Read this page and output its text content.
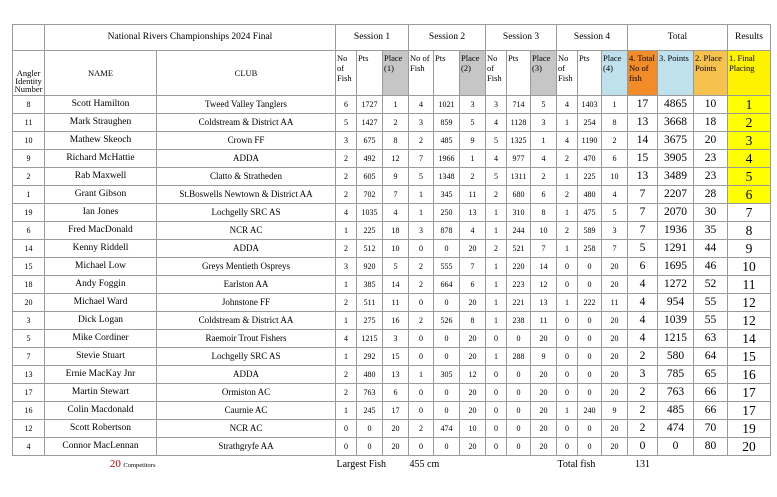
	National Rivers Championships 2024 Final		Session 1			Session 2			Session 3			Session 4			Total			Results
Angler Identity Number	NAME	CLUB	No of Fish	Pts	Place (1)	No of Fish	Pts	Place (2)	No of Fish	Pts	Place (3)	No of Fish	Pts	Place (4)	4. Total No of fish	3. Points	2. Place Points	1. Final Placing
8	Scott Hamilton	Tweed Valley Tanglers	6	1727	1	4	1021	3	3	714	5	4	1403	1	17	4865	10	1
11	Mark Straughen	Coldstream & District AA	5	1427	2	3	859	5	4	1128	3	1	254	8	13	3668	18	2
10	Mathew Skeoch	Crown FF	3	675	8	2	485	9	5	1325	1	4	1190	2	14	3675	20	3
9	Richard McHattie	ADDA	2	492	12	7	1966	1	4	977	4	2	470	6	15	3905	23	4
2	Rab Maxwell	Clatto & Stratheden	2	605	9	5	1348	2	5	1311	2	1	225	10	13	3489	23	5
1	Grant Gibson	St.Boswells Newtown & District AA	2	702	7	1	345	11	2	680	6	2	480	4	7	2207	28	6
19	Ian Jones	Lochgelly SRC AS	4	1035	4	1	250	13	1	310	8	1	475	5	7	2070	30	7
6	Fred MacDonald	NCR AC	1	225	18	3	878	4	1	244	10	2	589	3	7	1936	35	8
14	Kenny Riddell	ADDA	2	512	10	0	0	20	2	521	7	1	258	7	5	1291	44	9
15	Michael Low	Greys Mentieth Ospreys	3	920	5	2	555	7	1	220	14	0	0	20	6	1695	46	10
18	Andy Foggin	Earlston AA	1	385	14	2	664	6	1	223	12	0	0	20	4	1272	52	11
20	Michael Ward	Johnstone FF	2	511	11	0	0	20	1	221	13	1	222	11	4	954	55	12
3	Dick Logan	Coldstream & District AA	1	275	16	2	526	8	1	238	11	0	0	20	4	1039	55	12
5	Mike Cordiner	Raemoir Trout Fishers	4	1215	3	0	0	20	0	0	20	0	0	20	4	1215	63	14
7	Stevie Stuart	Lochgelly SRC AS	1	292	15	0	0	20	1	288	9	0	0	20	2	580	64	15
13	Ernie MacKay Jnr	ADDA	2	480	13	1	305	12	0	0	20	0	0	20	3	785	65	16
17	Martin Stewart	Ormiston AC	2	763	6	0	0	20	0	0	20	0	0	20	2	763	66	17
16	Colin Macdonald	Caurnie AC	1	245	17	0	0	20	0	0	20	1	240	9	2	485	66	17
12	Scott Robertson	NCR AC	0	0	20	2	474	10	0	0	20	0	0	20	2	474	70	19
4	Connor MacLennan	Strathgryfe AA	0	0	20	0	0	20	0	0	20	0	0	20	0	0	80	20
	20 Competitors		Largest Fish			455 cm						Total fish			131			
